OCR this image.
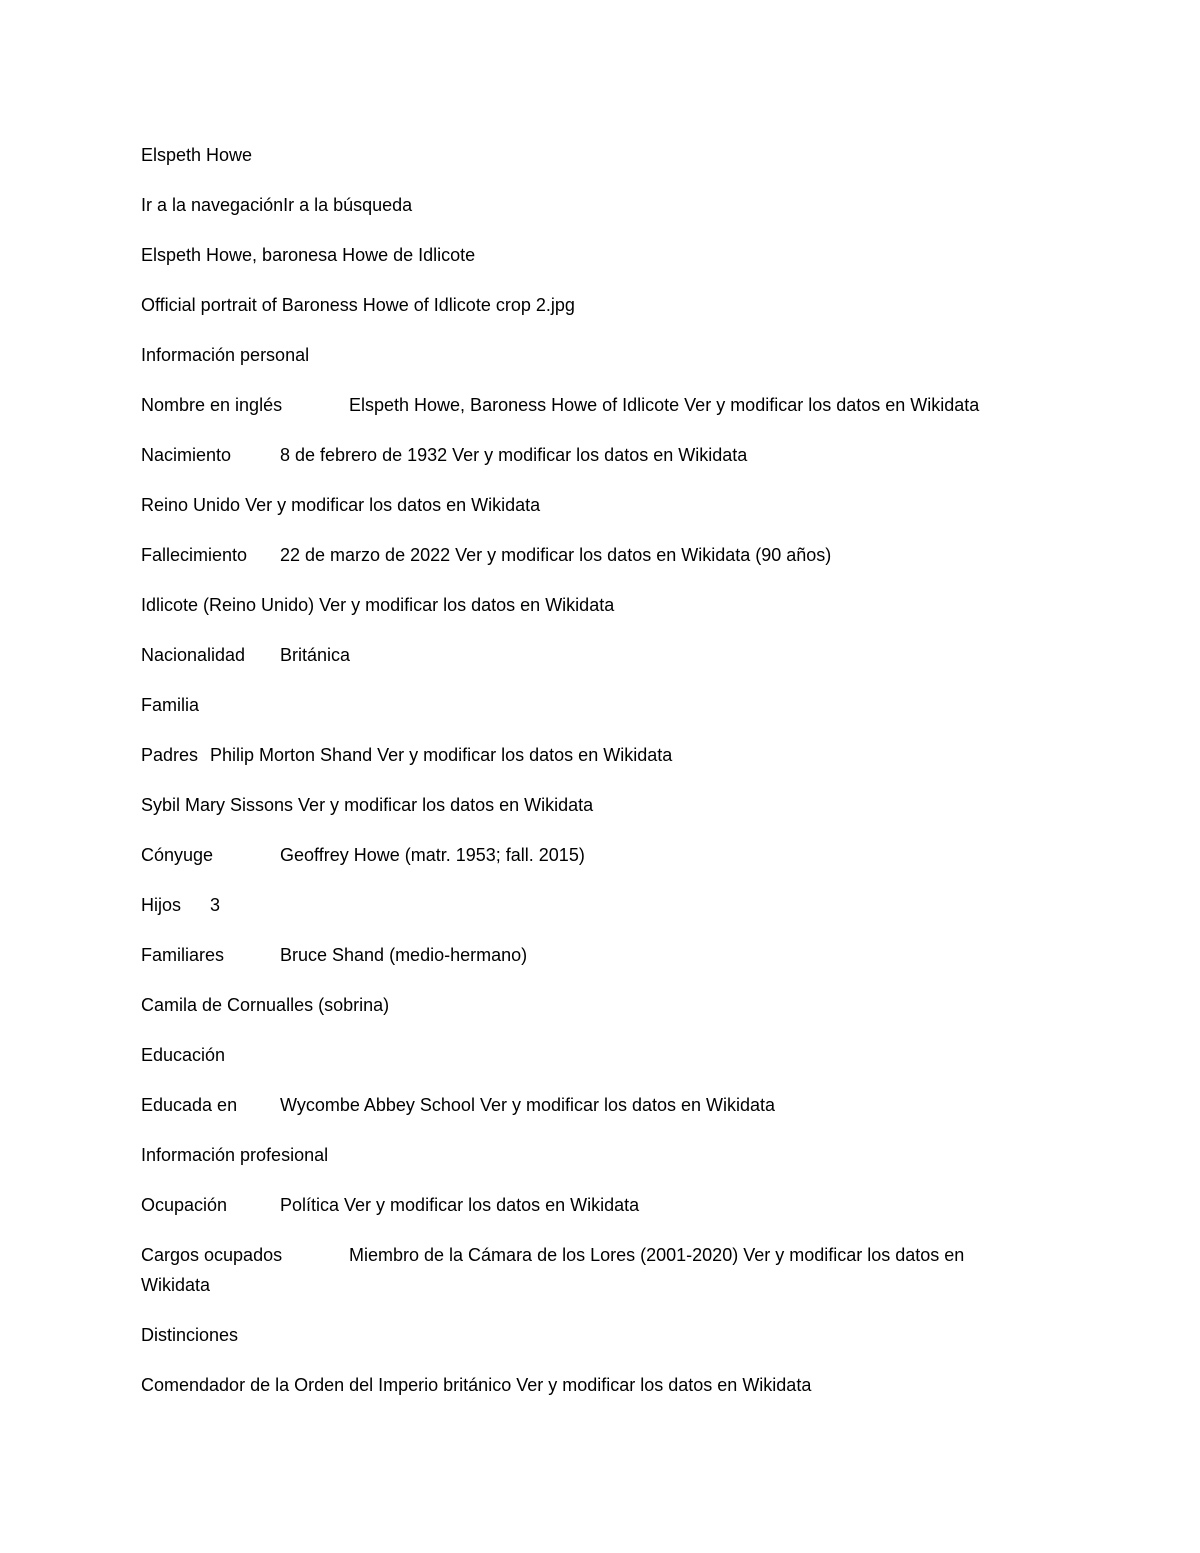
Elspeth Howe

Ir a la navegaciónIr a la búsqueda

Elspeth Howe, baronesa Howe de Idlicote

Official portrait of Baroness Howe of Idlicote crop 2.jpg

Información personal

Nombre en inglés	Elspeth Howe, Baroness Howe of Idlicote Ver y modificar los datos en Wikidata

Nacimiento	8 de febrero de 1932 Ver y modificar los datos en Wikidata

Reino Unido Ver y modificar los datos en Wikidata

Fallecimiento 22 de marzo de 2022 Ver y modificar los datos en Wikidata (90 años)

Idlicote (Reino Unido) Ver y modificar los datos en Wikidata

Nacionalidad Británica

Familia

Padres Philip Morton Shand Ver y modificar los datos en Wikidata

Sybil Mary Sissons Ver y modificar los datos en Wikidata

Cónyuge	Geoffrey Howe (matr. 1953; fall. 2015)

Hijos 3

Familiares	Bruce Shand (medio-hermano)

Camila de Cornualles (sobrina)

Educación

Educada en Wycombe Abbey School Ver y modificar los datos en Wikidata

Información profesional

Ocupación	Política Ver y modificar los datos en Wikidata

Cargos ocupados	Miembro de la Cámara de los Lores (2001-2020) Ver y modificar los datos en Wikidata

Distinciones

Comendador de la Orden del Imperio británico Ver y modificar los datos en Wikidata
